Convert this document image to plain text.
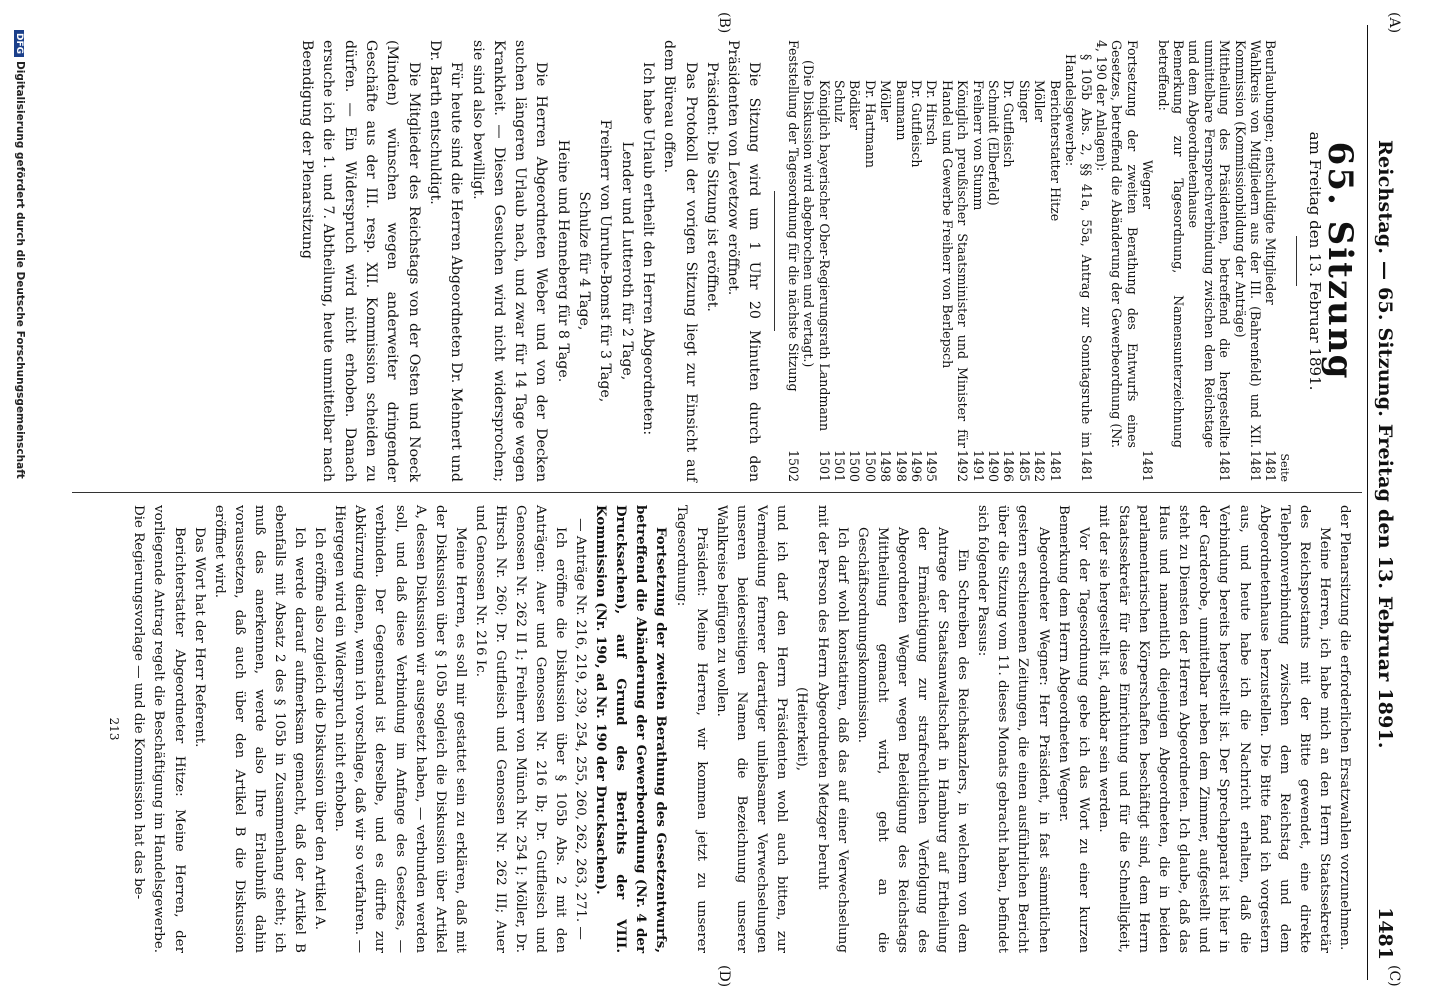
Reichstag. — 65. Sitzung. Freitag den 13. Februar 1891.
1481
(A)
(B)
(C)
(D)
65. Sitzung
am Freitag den 13. Februar 1891.
Seite
Beurlaubungen; entschuldigte Mitglieder
1481
Wahlkreis von Mitgliedern aus der III. (Bahrenfeld) und XII. Kommission (Kommissionbildung der Anträge)
1481
Mittheilung des Präsidenten, betreffend die hergestellte unmittelbare Fernsprechverbindung zwischen dem Reichstage und dem Abgeordnetenhause
1481
Bemerkung zur Tagesordnung, Namensunterzeichnung betreffend:
Wegner
1481
Fortsetzung der zweiten Berathung des Entwurfs eines Gesetzes, betreffend die Abänderung der Gewerbeordnung (Nr. 4, 190 der Anlagen):
§ 105b Abs. 2, §§ 41a, 55a, Antrag zur Sonntagsruhe im Handelsgewerbe:
1481
Berichterstatter Hitze
1481
Möller
1482
Singer
1485
Dr. Gutfleisch
1486
Schmidt (Elberfeld)
1490
Freiherr von Stumm
1491
Königlich preußischer Staatsminister und Minister für Handel und Gewerbe Freiherr von Berlepsch
1492
Dr. Hirsch
1495
Dr. Gutfleisch
1496
Baumann
1498
Möller
1498
Dr. Hartmann
1500
Bödiker
1500
Schulz
1501
Königlich bayerischer Ober-Regierungsrath Landmann
1501
(Die Diskussion wird abgebrochen und vertagt.)
Feststellung der Tagesordnung für die nächste Sitzung
1502

Die Sitzung wird um 1 Uhr 20 Minuten durch den Präsidenten von Levetzow eröffnet.

Präsident: Die Sitzung ist eröffnet.

Das Protokoll der vorigen Sitzung liegt zur Einsicht auf dem Büreau offen.

Ich habe Urlaub ertheilt den Herren Abgeordneten:

Lender und Lutteroth für 2 Tage,

Freiherr von Unruhe-Bomst für 3 Tage,

Schulze für 4 Tage,

Heine und Henneberg für 8 Tage.

Die Herren Abgeordneten Weber und von der Decken suchen längeren Urlaub nach, und zwar für 14 Tage wegen Krankheit. — Diesen Gesuchen wird nicht widersprochen; sie sind also bewilligt.

Für heute sind die Herren Abgeordneten Dr. Mehnert und Dr. Barth entschuldigt.

Die Mitglieder des Reichstags von der Osten und Noeck (Minden) wünschen wegen anderweiter dringender Geschäfte aus der III. resp. XII. Kommission scheiden zu dürfen. — Ein Widerspruch wird nicht erhoben. Danach ersuche ich die 1. und 7. Abtheilung, heute unmittelbar nach Beendigung der Plenarsitzung

der Plenarsitzung die erforderlichen Ersatzwahlen vorzunehmen.

Meine Herren, ich habe mich an den Herrn Staatssekretär des Reichspostamts mit der Bitte gewendet, eine direkte Telephonverbindung zwischen dem Reichstag und dem Abgeordnetenhause herzustellen. Die Bitte fand ich vorgestern aus, und heute habe ich die Nachricht erhalten, daß die Verbindung bereits hergestellt ist. Der Sprechapparat ist hier in der Garderobe, unmittelbar neben dem Zimmer, aufgestellt und steht zu Diensten der Herren Abgeordneten. Ich glaube, daß das Haus und namentlich diejenigen Abgeordneten, die in beiden parlamentarischen Körperschaften beschäftigt sind, dem Herrn Staatssekretär für diese Einrichtung und für die Schnelligkeit, mit der sie hergestellt ist, dankbar sein werden.

Vor der Tagesordnung gebe ich das Wort zu einer kurzen Bemerkung dem Herrn Abgeordneten Wegner.

Abgeordneter Wegner: Herr Präsident, in fast sämmtlichen gestern erschienenen Zeitungen, die einen ausführlichen Bericht über die Sitzung vom 11. dieses Monats gebracht haben, befindet sich folgender Passus:

Ein Schreiben des Reichskanzlers, in welchem von dem Antrage der Staatsanwaltschaft in Hamburg auf Ertheilung der Ermächtigung zur strafrechtlichen Verfolgung des Abgeordneten Wegner wegen Beleidigung des Reichstags Mittheilung gemacht wird, geht an die Geschäftsordnungskommission.

Ich darf wohl konstatiren, daß das auf einer Verwechselung mit der Person des Herrn Abgeordneten Metzger beruht

(Heiterkeit),

und ich darf den Herrn Präsidenten wohl auch bitten, zur Vermeidung fernerer derartiger unliebsamer Verwechselungen unseren beiderseitigen Namen die Bezeichnung unserer Wahlkreise beifügen zu wollen.

Präsident: Meine Herren, wir kommen jetzt zu unserer Tagesordnung:

Fortsetzung der zweiten Berathung des Gesetzentwurfs, betreffend die Abänderung der Gewerbeordnung (Nr. 4 der Drucksachen), auf Grund des Berichts der VIII. Kommission (Nr. 190, ad Nr. 190 der Drucksachen).

— Anträge Nr. 216, 219, 239, 254, 255, 260, 262, 263, 271. —

Ich eröffne die Diskussion über § 105b Abs. 2 mit den Anträgen: Auer und Genossen Nr. 216 Ib; Dr. Gutfleisch und Genossen Nr. 262 II 1; Freiherr von Münch Nr. 254 I; Möller, Dr. Hirsch Nr. 260; Dr. Gutfleisch und Genossen Nr. 262 III; Auer und Genossen Nr. 216 Ic.

Meine Herren, es soll mir gestattet sein zu erklären, daß mit der Diskussion über § 105b sogleich die Diskussion über Artikel A, dessen Diskussion wir ausgesetzt haben, — verbunden werden soll, und daß diese Verbindung im Anfange des Gesetzes, — verbinden. Der Gegenstand ist derselbe, und es dürfte zur Abkürzung dienen, wenn ich vorschlage, daß wir so verfahren. — Hiergegen wird ein Widerspruch nicht erhoben.

Ich eröffne also zugleich die Diskussion über den Artikel A.

Ich werde darauf aufmerksam gemacht, daß der Artikel B ebenfalls mit Absatz 2 des § 105b in Zusammenhang steht; ich muß das anerkennen, werde also Ihre Erlaubniß dahin voraussetzen, daß auch über den Artikel B die Diskussion eröffnet wird.

Das Wort hat der Herr Referent.

Berichterstatter Abgeordneter Hitze: Meine Herren, der vorliegende Antrag regelt die Beschäftigung im Handelsgewerbe. Die Regierungsvorlage — und die Kommission hat das be-

213
DFGDigitalisierung gefördert durch die Deutsche Forschungsgemeinschaft
